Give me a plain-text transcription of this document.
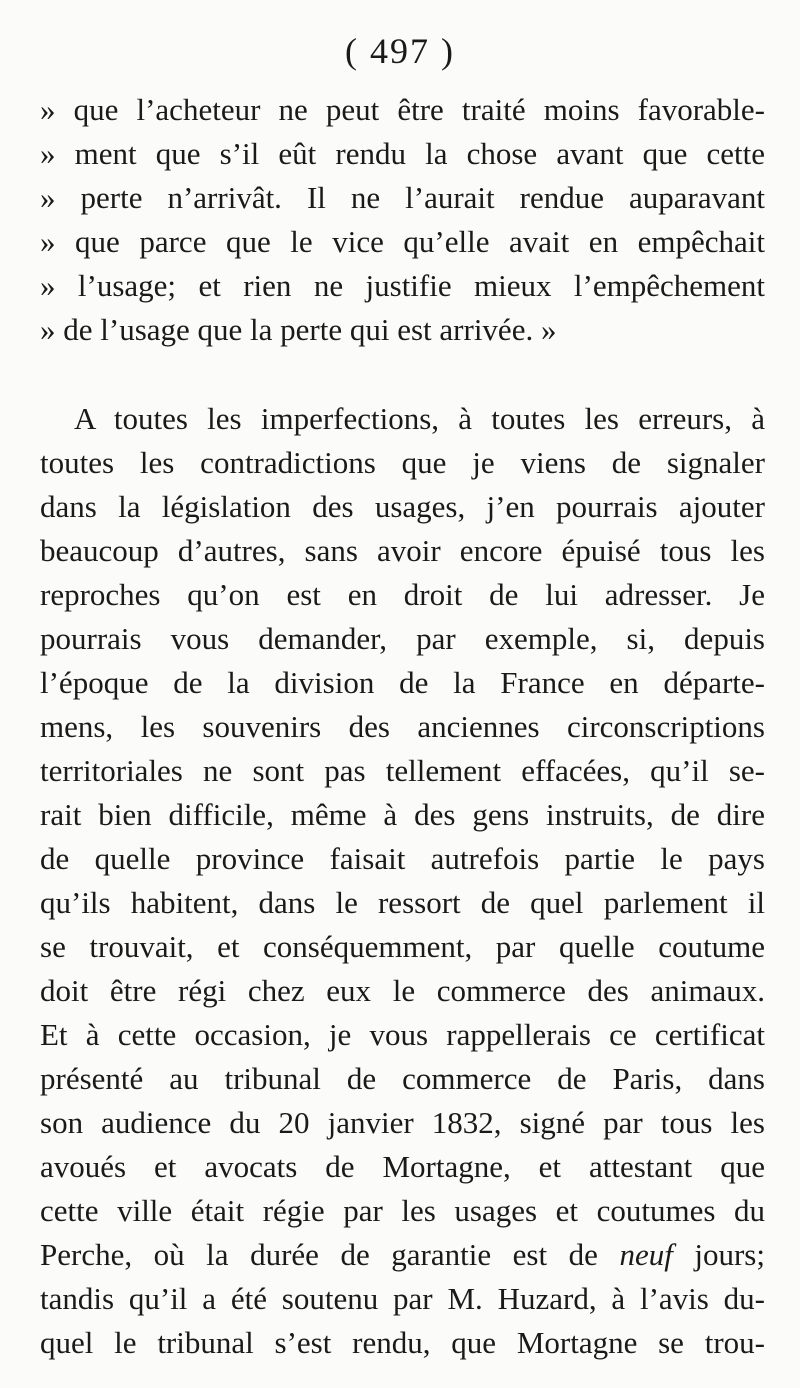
( 497 )
» que l’acheteur ne peut être traité moins favorable-
» ment que s’il eût rendu la chose avant que cette
» perte n’arrivât. Il ne l’aurait rendue auparavant
» que parce que le vice qu’elle avait en empêchait
» l’usage; et rien ne justifie mieux l’empêchement
» de l’usage que la perte qui est arrivée. »
A toutes les imperfections, à toutes les erreurs, à
toutes les contradictions que je viens de signaler
dans la législation des usages, j’en pourrais ajouter
beaucoup d’autres, sans avoir encore épuisé tous les
reproches qu’on est en droit de lui adresser. Je
pourrais vous demander, par exemple, si, depuis
l’époque de la division de la France en départe-
mens, les souvenirs des anciennes circonscriptions
territoriales ne sont pas tellement effacées, qu’il se-
rait bien difficile, même à des gens instruits, de dire
de quelle province faisait autrefois partie le pays
qu’ils habitent, dans le ressort de quel parlement il
se trouvait, et conséquemment, par quelle coutume
doit être régi chez eux le commerce des animaux.
Et à cette occasion, je vous rappellerais ce certificat
présenté au tribunal de commerce de Paris, dans
son audience du 20 janvier 1832, signé par tous les
avoués et avocats de Mortagne, et attestant que
cette ville était régie par les usages et coutumes du
Perche, où la durée de garantie est de neuf jours;
tandis qu’il a été soutenu par M. Huzard, à l’avis du-
quel le tribunal s’est rendu, que Mortagne se trou-
